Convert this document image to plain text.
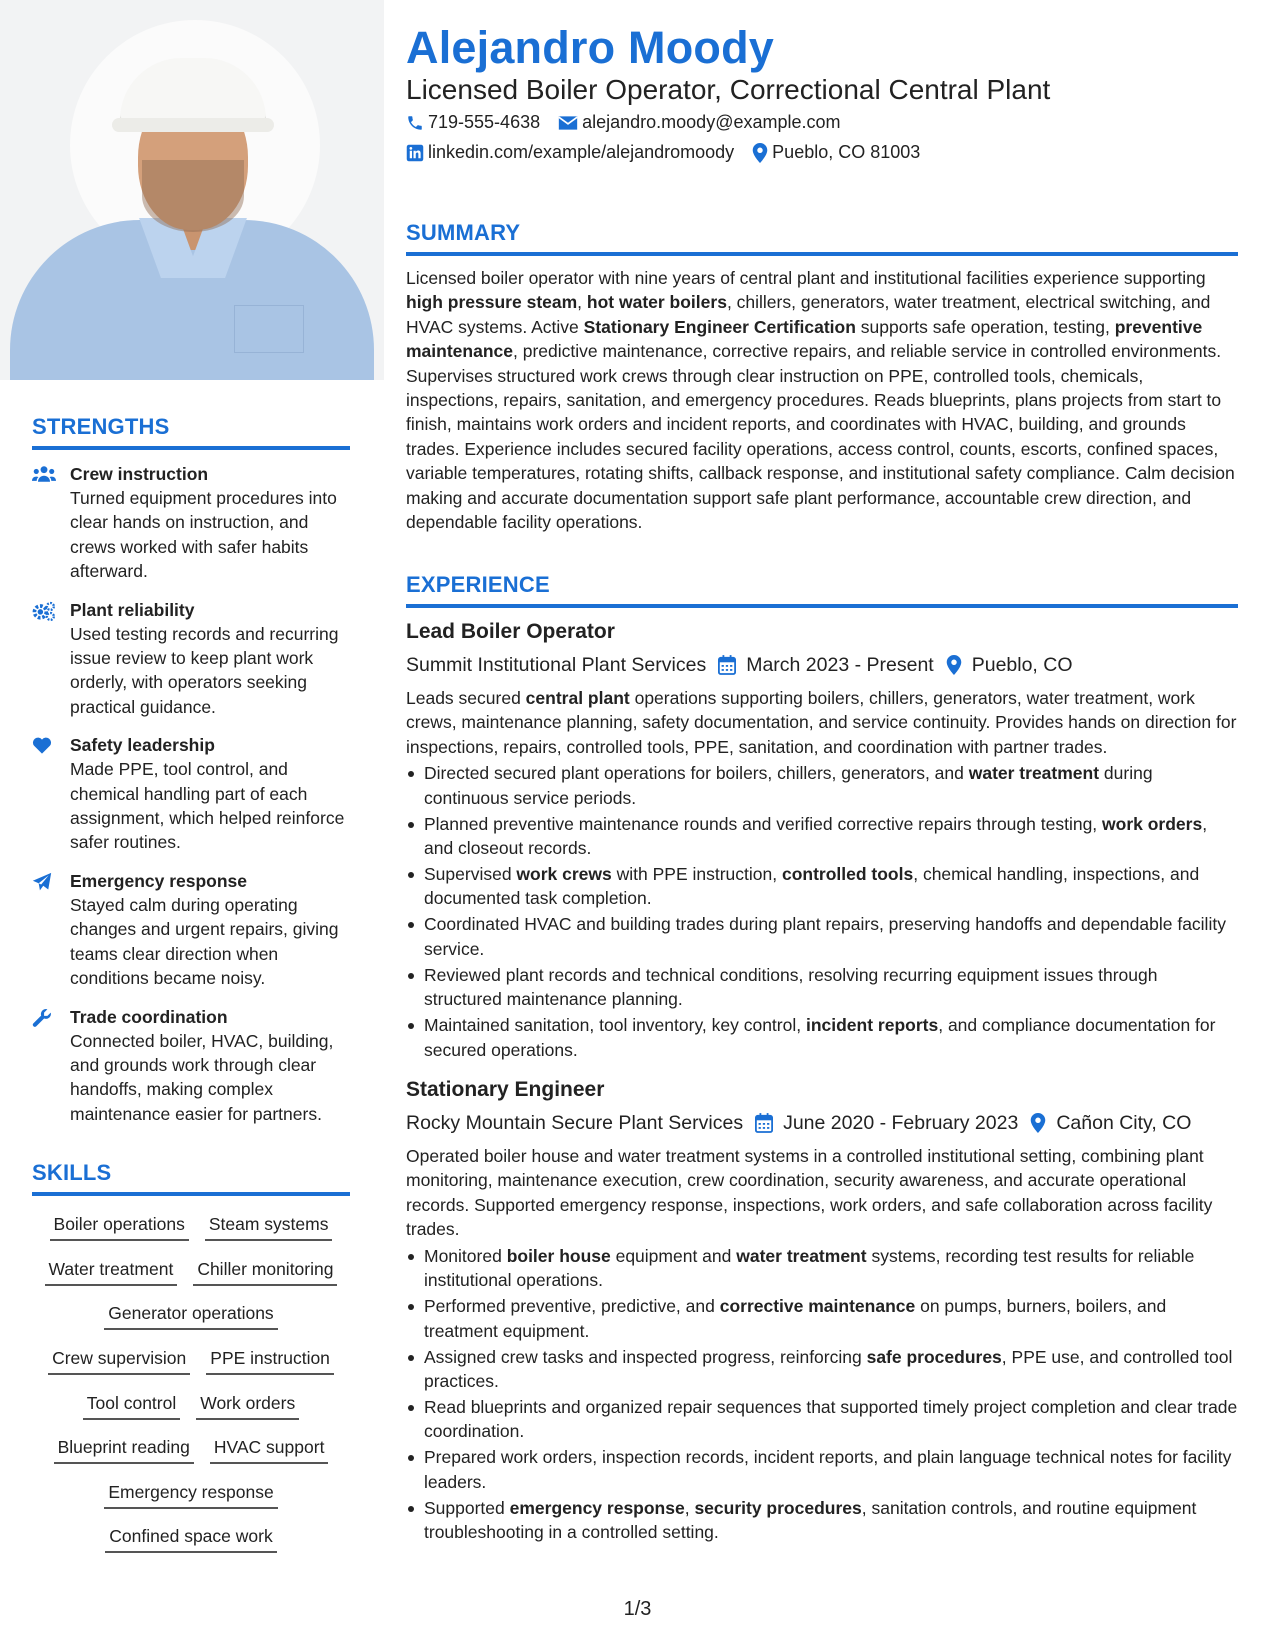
STRENGTHS
Crew instruction
Turned equipment procedures into clear hands on instruction, and crews worked with safer habits afterward.
Plant reliability
Used testing records and recurring issue review to keep plant work orderly, with operators seeking practical guidance.
Safety leadership
Made PPE, tool control, and chemical handling part of each assignment, which helped reinforce safer routines.
Emergency response
Stayed calm during operating changes and urgent repairs, giving teams clear direction when conditions became noisy.
Trade coordination
Connected boiler, HVAC, building, and grounds work through clear handoffs, making complex maintenance easier for partners.
SKILLS
Boiler operations Steam systems
Water treatment Chiller monitoring
Generator operations
Crew supervision PPE instruction
Tool control Work orders
Blueprint reading HVAC support
Emergency response
Confined space work
Alejandro Moody
Licensed Boiler Operator, Correctional Central Plant
719-555-4638 alejandro.moody@example.com
linkedin.com/example/alejandromoody Pueblo, CO 81003
SUMMARY
Licensed boiler operator with nine years of central plant and institutional facilities experience supporting high pressure steam, hot water boilers, chillers, generators, water treatment, electrical switching, and HVAC systems. Active Stationary Engineer Certification supports safe operation, testing, preventive maintenance, predictive maintenance, corrective repairs, and reliable service in controlled environments. Supervises structured work crews through clear instruction on PPE, controlled tools, chemicals, inspections, repairs, sanitation, and emergency procedures. Reads blueprints, plans projects from start to finish, maintains work orders and incident reports, and coordinates with HVAC, building, and grounds trades. Experience includes secured facility operations, access control, counts, escorts, confined spaces, variable temperatures, rotating shifts, callback response, and institutional safety compliance. Calm decision making and accurate documentation support safe plant performance, accountable crew direction, and dependable facility operations.
EXPERIENCE
Lead Boiler Operator
Summit Institutional Plant Services March 2023 - Present Pueblo, CO
Leads secured central plant operations supporting boilers, chillers, generators, water treatment, work crews, maintenance planning, safety documentation, and service continuity. Provides hands on direction for inspections, repairs, controlled tools, PPE, sanitation, and coordination with partner trades.
Directed secured plant operations for boilers, chillers, generators, and water treatment during continuous service periods.
Planned preventive maintenance rounds and verified corrective repairs through testing, work orders, and closeout records.
Supervised work crews with PPE instruction, controlled tools, chemical handling, inspections, and documented task completion.
Coordinated HVAC and building trades during plant repairs, preserving handoffs and dependable facility service.
Reviewed plant records and technical conditions, resolving recurring equipment issues through structured maintenance planning.
Maintained sanitation, tool inventory, key control, incident reports, and compliance documentation for secured operations.
Stationary Engineer
Rocky Mountain Secure Plant Services June 2020 - February 2023 Cañon City, CO
Operated boiler house and water treatment systems in a controlled institutional setting, combining plant monitoring, maintenance execution, crew coordination, security awareness, and accurate operational records. Supported emergency response, inspections, work orders, and safe collaboration across facility trades.
Monitored boiler house equipment and water treatment systems, recording test results for reliable institutional operations.
Performed preventive, predictive, and corrective maintenance on pumps, burners, boilers, and treatment equipment.
Assigned crew tasks and inspected progress, reinforcing safe procedures, PPE use, and controlled tool practices.
Read blueprints and organized repair sequences that supported timely project completion and clear trade coordination.
Prepared work orders, inspection records, incident reports, and plain language technical notes for facility leaders.
Supported emergency response, security procedures, sanitation controls, and routine equipment troubleshooting in a controlled setting.
1/3
